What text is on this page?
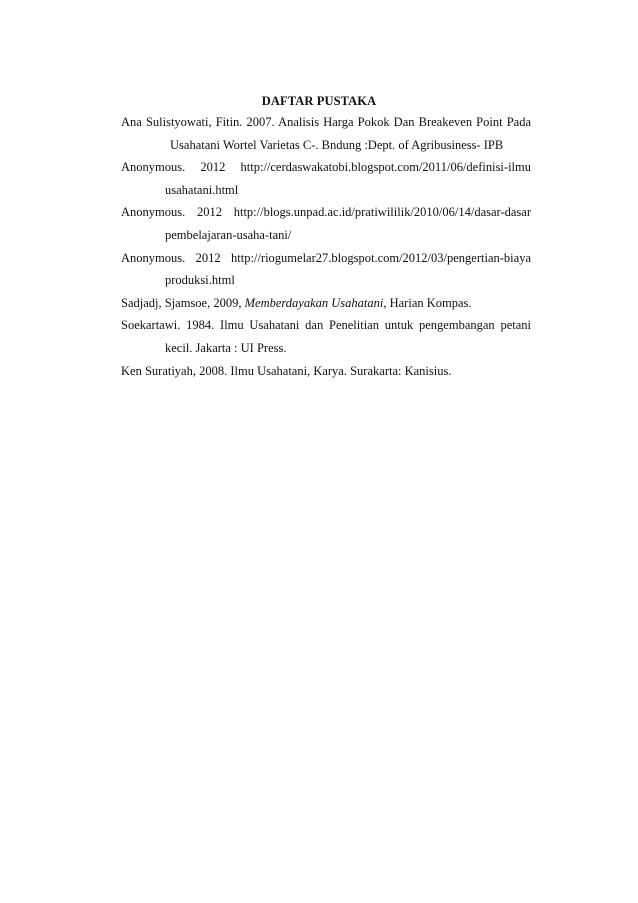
DAFTAR PUSTAKA
Ana Sulistyowati, Fitin. 2007. Analisis Harga Pokok Dan Breakeven Point Pada Usahatani Wortel Varietas C-. Bndung :Dept. of Agribusiness- IPB
Anonymous. 2012 http://cerdaswakatobi.blogspot.com/2011/06/definisi-ilmu usahatani.html
Anonymous. 2012 http://blogs.unpad.ac.id/pratiwililik/2010/06/14/dasar-dasar pembelajaran-usaha-tani/
Anonymous. 2012 http://riogumelar27.blogspot.com/2012/03/pengertian-biaya produksi.html
Sadjadj, Sjamsoe, 2009, Memberdayakan Usahatani, Harian Kompas.
Soekartawi. 1984. Ilmu Usahatani dan Penelitian untuk pengembangan petani kecil. Jakarta : UI Press.
Ken Suratiyah, 2008. Ilmu Usahatani, Karya. Surakarta: Kanisius.
